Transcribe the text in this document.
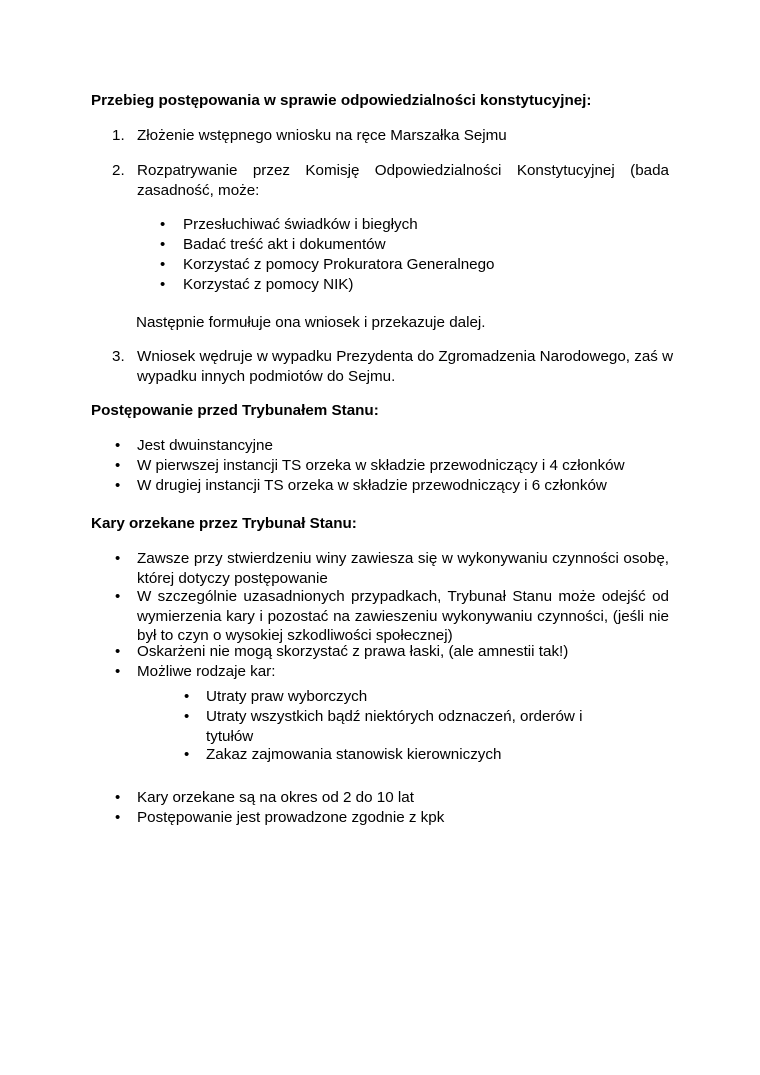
Przebieg postępowania w sprawie odpowiedzialności konstytucyjnej:
1. Złożenie wstępnego wniosku na ręce Marszałka Sejmu
2. Rozpatrywanie przez Komisję Odpowiedzialności Konstytucyjnej (bada zasadność, może:
• Przesłuchiwać świadków i biegłych
• Badać treść akt i dokumentów
• Korzystać z pomocy Prokuratora Generalnego
• Korzystać z pomocy NIK)
Następnie formułuje ona wniosek i przekazuje dalej.
3. Wniosek wędruje w wypadku Prezydenta do Zgromadzenia Narodowego, zaś w wypadku innych podmiotów do Sejmu.
Postępowanie przed Trybunałem Stanu:
• Jest dwuinstancyjne
• W pierwszej instancji TS orzeka w składzie przewodniczący i 4 członków
• W drugiej instancji TS orzeka w składzie przewodniczący i 6 członków
Kary orzekane przez Trybunał Stanu:
• Zawsze przy stwierdzeniu winy zawiesza się w wykonywaniu czynności osobę, której dotyczy postępowanie
• W szczególnie uzasadnionych przypadkach, Trybunał Stanu może odejść od wymierzenia kary i pozostać na zawieszeniu wykonywaniu czynności, (jeśli nie był to czyn o wysokiej szkodliwości społecznej)
• Oskarżeni nie mogą skorzystać z prawa łaski, (ale amnestii tak!)
• Możliwe rodzaje kar:
• Utraty praw wyborczych
• Utraty wszystkich bądź niektórych odznaczeń, orderów i tytułów
• Zakaz zajmowania stanowisk kierowniczych
• Kary orzekane są na okres od 2 do 10 lat
• Postępowanie jest prowadzone zgodnie z kpk
